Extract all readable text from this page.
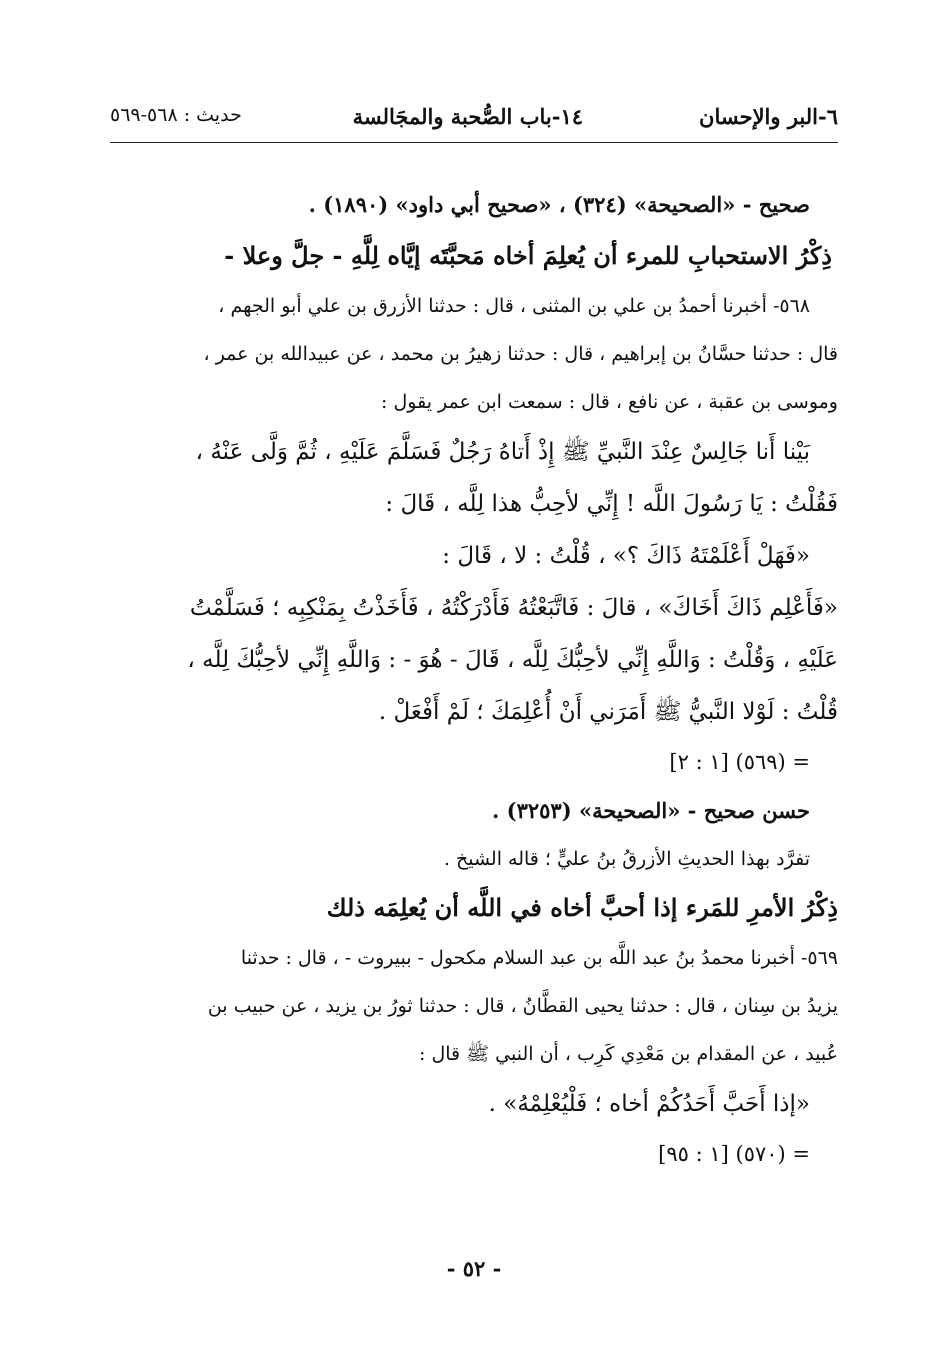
٦-البر والإحسان
١٤-باب الصُّحبة والمجَالسة
حديث : ٥٦٨-٥٦٩
صحيح - «الصحيحة» (٣٢٤) ، «صحيح أبي داود» (١٨٩٠) .
ذِكْرُ الاستحبابِ للمرء أن يُعلِمَ أخاه مَحبَّتَه إيَّاه لِلَّهِ - جلَّ وعلا -
٥٦٨- أخبرنا أحمدُ بن علي بن المثنى ، قال : حدثنا الأزرق بن علي أبو الجهم ،
قال : حدثنا حسَّانُ بن إبراهيم ، قال : حدثنا زهيرُ بن محمد ، عن عبيدالله بن عمر ،
وموسى بن عقبة ، عن نافع ، قال : سمعت ابن عمر يقول :
بَيْنا أَنا جَالِسٌ عِنْدَ النَّبيِّ ﷺ إِذْ أَتاهُ رَجُلٌ فَسَلَّمَ عَلَيْهِ ، ثُمَّ وَلَّى عَنْهُ ،
فَقُلْتُ : يَا رَسُولَ اللَّه ! إِنِّي لأحِبُّ هذا لِلَّه ، قَالَ :
«فَهَلْ أَعْلَمْتَهُ ذَاكَ ؟» ، قُلْتُ : لا ، قَالَ :
«فَأَعْلِم ذَاكَ أَخَاكَ» ، قالَ : فَاتَّبَعْتُهُ فَأَدْرَكْتُهُ ، فَأَخَذْتُ بِمَنْكِبِه ؛ فَسَلَّمْتُ
عَلَيْهِ ، وَقُلْتُ : وَاللَّهِ إِنِّي لأحِبُّكَ لِلَّه ، قَالَ - هُوَ - : وَاللَّهِ إِنِّي لأحِبُّكَ لِلَّه ،
قُلْتُ : لَوْلا النَّبيُّ ﷺ أَمَرَني أَنْ أُعْلِمَكَ ؛ لَمْ أَفْعَلْ .
= (٥٦٩) [١ : ٢]
حسن صحيح - «الصحيحة» (٣٢٥٣) .
تفرَّد بهذا الحديثِ الأزرقُ بنُ عليٍّ ؛ قاله الشيخ .
ذِكْرُ الأمرِ للمَرء إذا أحبَّ أخاه في اللَّه أن يُعلِمَه ذلك
٥٦٩- أخبرنا محمدُ بنُ عبد اللَّه بن عبد السلام مكحول - ببيروت - ، قال : حدثنا
يزيدُ بن سِنان ، قال : حدثنا يحيى القطَّانُ ، قال : حدثنا ثورُ بن يزيد ، عن حبيب بن
عُبيد ، عن المقدام بن مَعْدِي كَرِب ، أن النبي ﷺ قال :
«إذا أَحَبَّ أَحَدُكُمْ أخاه ؛ فَلْيُعْلِمْهُ» .
= (٥٧٠) [١ : ٩٥]
- ٥٢ -
